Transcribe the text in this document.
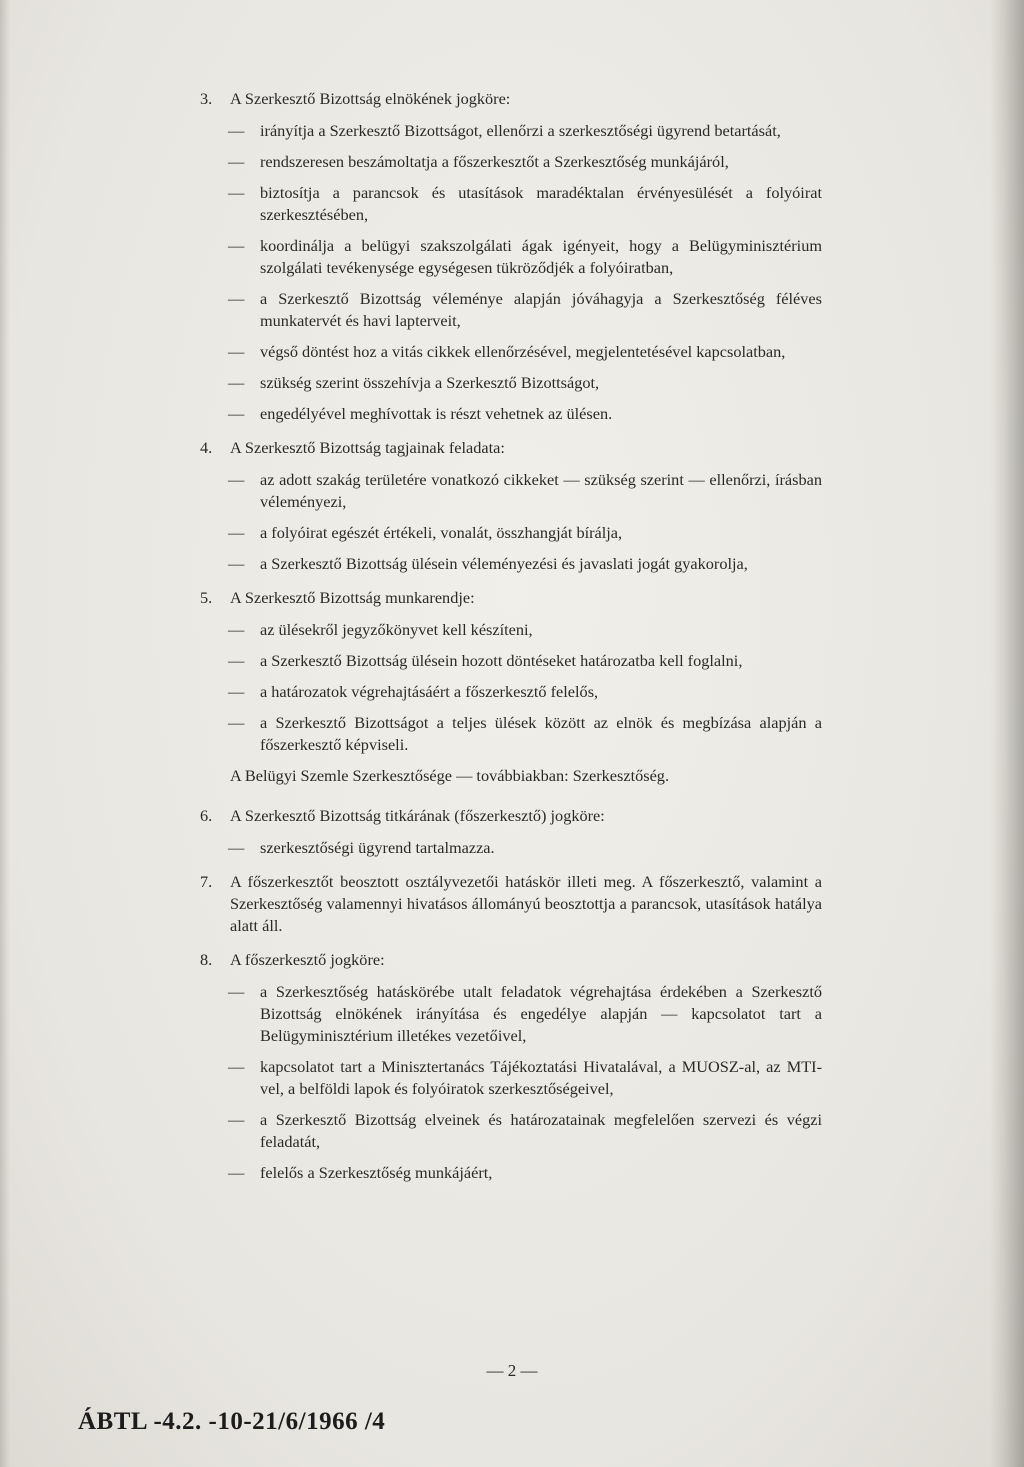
3.	A Szerkesztő Bizottság elnökének jogköre:
— irányítja a Szerkesztő Bizottságot, ellenőrzi a szerkesztőségi ügyrend betartását,
— rendszeresen beszámoltatja a főszerkesztőt a Szerkesztőség munkájáról,
— biztosítja a parancsok és utasítások maradéktalan érvényesülését a folyóirat szerkesztésében,
— koordinálja a belügyi szakszolgálati ágak igényeit, hogy a Belügyminisztérium szolgálati tevékenysége egységesen tükröződjék a folyóiratban,
— a Szerkesztő Bizottság véleménye alapján jóváhagyja a Szerkesztőség féléves munkatervét és havi lapterveit,
— végső döntést hoz a vitás cikkek ellenőrzésével, megjelentetésével kapcsolatban,
— szükség szerint összehívja a Szerkesztő Bizottságot,
— engedélyével meghívottak is részt vehetnek az ülésen.
4.	A Szerkesztő Bizottság tagjainak feladata:
— az adott szakág területére vonatkozó cikkeket — szükség szerint — ellenőrzi, írásban véleményezi,
— a folyóirat egészét értékeli, vonalát, összhangját bírálja,
— a Szerkesztő Bizottság ülésein véleményezési és javaslati jogát gyakorolja,
5.	A Szerkesztő Bizottság munkarendje:
— az ülésekről jegyzőkönyvet kell készíteni,
— a Szerkesztő Bizottság ülésein hozott döntéseket határozatba kell foglalni,
— a határozatok végrehajtásáért a főszerkesztő felelős,
— a Szerkesztő Bizottságot a teljes ülések között az elnök és megbízása alapján a főszerkesztő képviseli.
A Belügyi Szemle Szerkesztősége — továbbiakban: Szerkesztőség.
6.	A Szerkesztő Bizottság titkárának (főszerkesztő) jogköre:
— szerkesztőségi ügyrend tartalmazza.
7.	A főszerkesztőt beosztott osztályvezetői hatáskör illeti meg. A főszerkesztő, valamint a Szerkesztőség valamennyi hivatásos állományú beosztottja a parancsok, utasítások hatálya alatt áll.
8.	A főszerkesztő jogköre:
— a Szerkesztőség hatáskörébe utalt feladatok végrehajtása érdekében a Szerkesztő Bizottság elnökének irányítása és engedélye alapján — kapcsolatot tart a Belügyminisztérium illetékes vezetőivel,
— kapcsolatot tart a Minisztertanács Tájékoztatási Hivatalával, a MUOSZ-al, az MTI-vel, a belföldi lapok és folyóiratok szerkesztőségeivel,
— a Szerkesztő Bizottság elveinek és határozatainak megfelelően szervezi és végzi feladatát,
— felelős a Szerkesztőség munkájáért,
— 2 —
ÁBTL -4.2. -10-21/6/1966 /4
